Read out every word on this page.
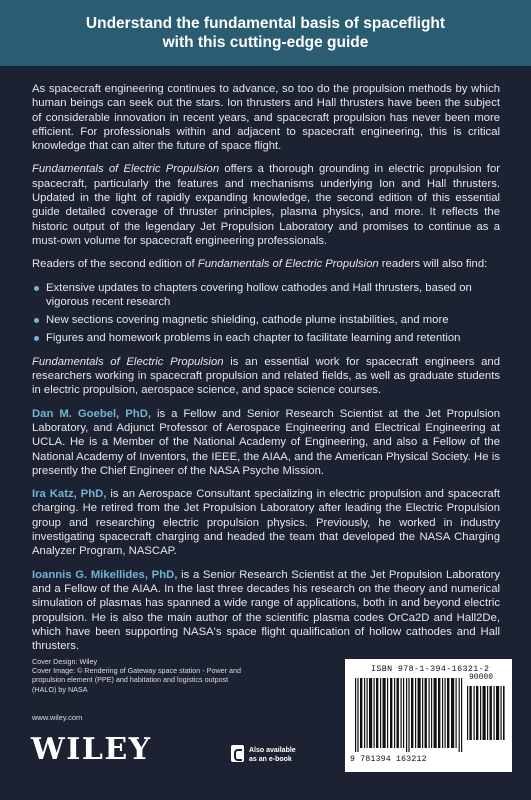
Understand the fundamental basis of spaceflight
with this cutting-edge guide

As spacecraft engineering continues to advance, so too do the propulsion methods by which human beings can seek out the stars. Ion thrusters and Hall thrusters have been the subject of considerable innovation in recent years, and spacecraft propulsion has never been more efficient. For professionals within and adjacent to spacecraft engineering, this is critical knowledge that can alter the future of space flight.

Fundamentals of Electric Propulsion offers a thorough grounding in electric propulsion for spacecraft, particularly the features and mechanisms underlying Ion and Hall thrusters. Updated in the light of rapidly expanding knowledge, the second edition of this essential guide detailed coverage of thruster principles, plasma physics, and more. It reflects the historic output of the legendary Jet Propulsion Laboratory and promises to continue as a must-own volume for spacecraft engineering professionals.

Readers of the second edition of Fundamentals of Electric Propulsion readers will also find:

Extensive updates to chapters covering hollow cathodes and Hall thrusters, based on vigorous recent research
New sections covering magnetic shielding, cathode plume instabilities, and more
Figures and homework problems in each chapter to facilitate learning and retention

Fundamentals of Electric Propulsion is an essential work for spacecraft engineers and researchers working in spacecraft propulsion and related fields, as well as graduate students in electric propulsion, aerospace science, and space science courses.

Dan M. Goebel, PhD, is a Fellow and Senior Research Scientist at the Jet Propulsion Laboratory, and Adjunct Professor of Aerospace Engineering and Electrical Engineering at UCLA. He is a Member of the National Academy of Engineering, and also a Fellow of the National Academy of Inventors, the IEEE, the AIAA, and the American Physical Society. He is presently the Chief Engineer of the NASA Psyche Mission.

Ira Katz, PhD, is an Aerospace Consultant specializing in electric propulsion and spacecraft charging. He retired from the Jet Propulsion Laboratory after leading the Electric Propulsion group and researching electric propulsion physics. Previously, he worked in industry investigating spacecraft charging and headed the team that developed the NASA Charging Analyzer Program, NASCAP.

Ioannis G. Mikellides, PhD, is a Senior Research Scientist at the Jet Propulsion Laboratory and a Fellow of the AIAA. In the last three decades his research on the theory and numerical simulation of plasmas has spanned a wide range of applications, both in and beyond electric propulsion. He is also the main author of the scientific plasma codes OrCa2D and Hall2De, which have been supporting NASA's space flight qualification of hollow cathodes and Hall thrusters.

Cover Design: Wiley
Cover Image: © Rendering of Gateway space station - Power and
propulsion element (PPE) and habitation and logistics outpost
(HALO) by NASA
www.wiley.com
WILEY	Also available
as an e-book
ISBN 978-1-394-16321-2
90000
9 781394 163212
